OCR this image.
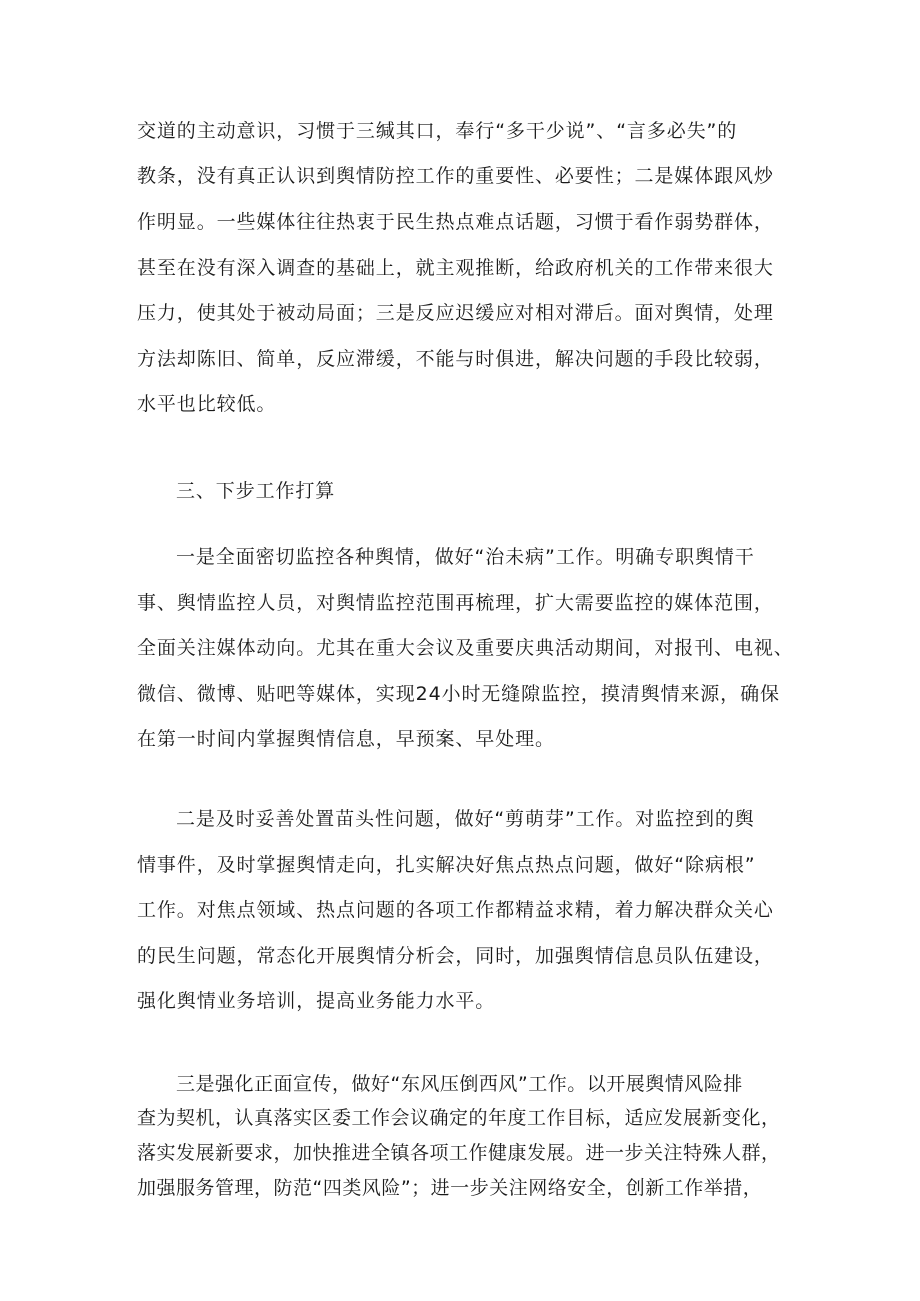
交道的主动意识，习惯于三缄其口，奉行“多干少说”、“言多必失”的
教条，没有真正认识到舆情防控工作的重要性、必要性；二是媒体跟风炒
作明显。一些媒体往往热衷于民生热点难点话题，习惯于看作弱势群体，
甚至在没有深入调查的基础上，就主观推断，给政府机关的工作带来很大
压力，使其处于被动局面；三是反应迟缓应对相对滞后。面对舆情，处理
方法却陈旧、简单，反应滞缓，不能与时俱进，解决问题的手段比较弱，
水平也比较低。
三、下步工作打算
一是全面密切监控各种舆情，做好“治未病”工作。明确专职舆情干
事、舆情监控人员，对舆情监控范围再梳理，扩大需要监控的媒体范围，
全面关注媒体动向。尤其在重大会议及重要庆典活动期间，对报刊、电视、
微信、微博、贴吧等媒体，实现24小时无缝隙监控，摸清舆情来源，确保
在第一时间内掌握舆情信息，早预案、早处理。
二是及时妥善处置苗头性问题，做好“剪萌芽”工作。对监控到的舆
情事件，及时掌握舆情走向，扎实解决好焦点热点问题，做好“除病根”
工作。对焦点领域、热点问题的各项工作都精益求精，着力解决群众关心
的民生问题，常态化开展舆情分析会，同时，加强舆情信息员队伍建设，
强化舆情业务培训，提高业务能力水平。
三是强化正面宣传，做好“东风压倒西风”工作。以开展舆情风险排
查为契机，认真落实区委工作会议确定的年度工作目标，适应发展新变化，
落实发展新要求，加快推进全镇各项工作健康发展。进一步关注特殊人群，
加强服务管理，防范“四类风险”；进一步关注网络安全，创新工作举措，
